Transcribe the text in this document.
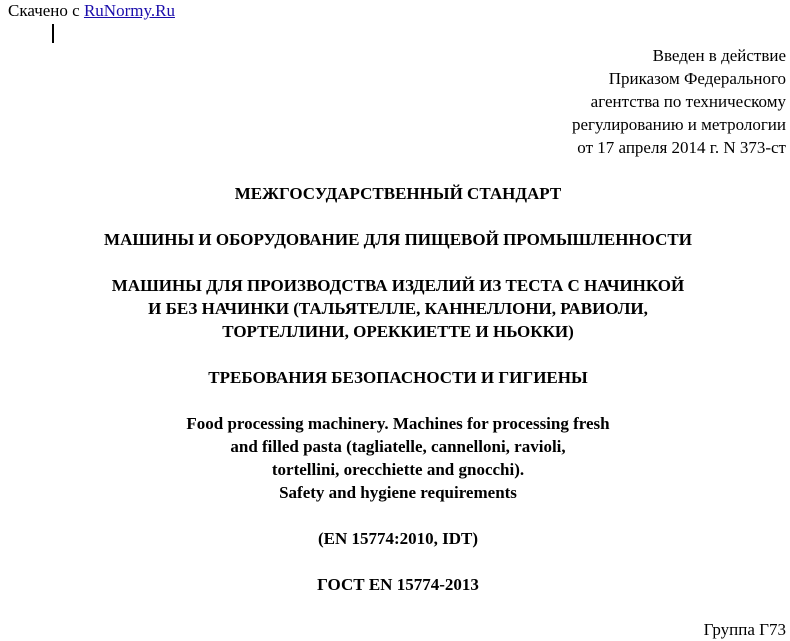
Скачено с RuNormy.Ru
Введен в действие
Приказом Федерального
агентства по техническому
регулированию и метрологии
от 17 апреля 2014 г. N 373-ст
МЕЖГОСУДАРСТВЕННЫЙ СТАНДАРТ
МАШИНЫ И ОБОРУДОВАНИЕ ДЛЯ ПИЩЕВОЙ ПРОМЫШЛЕННОСТИ
МАШИНЫ ДЛЯ ПРОИЗВОДСТВА ИЗДЕЛИЙ ИЗ ТЕСТА С НАЧИНКОЙ
И БЕЗ НАЧИНКИ (ТАЛЬЯТЕЛЛЕ, КАННЕЛЛОНИ, РАВИОЛИ,
ТОРТЕЛЛИНИ, ОРЕККИЕТТЕ И НЬОККИ)
ТРЕБОВАНИЯ БЕЗОПАСНОСТИ И ГИГИЕНЫ
Food processing machinery. Machines for processing fresh
and filled pasta (tagliatelle, cannelloni, ravioli,
tortellini, orecchiette and gnocchi).
Safety and hygiene requirements
(EN 15774:2010, IDT)
ГОСТ EN 15774-2013
Группа Г73
